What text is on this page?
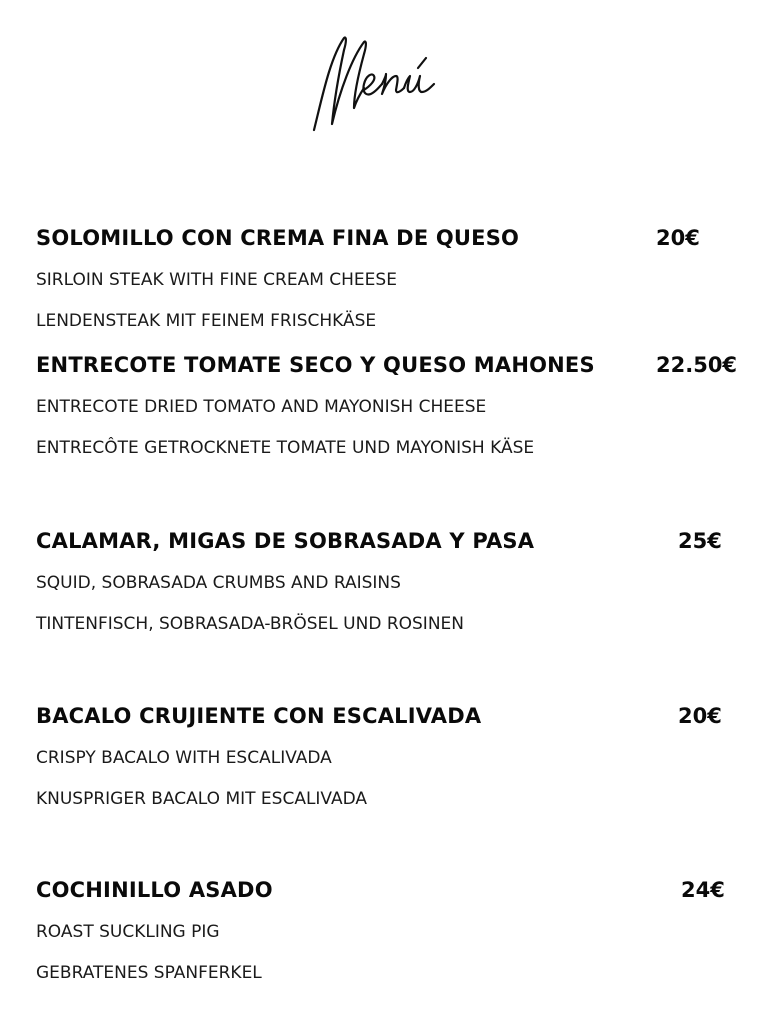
SOLOMILLO CON CREMA FINA DE QUESO	20€
SIRLOIN STEAK WITH FINE CREAM CHEESE
LENDENSTEAK MIT FEINEM FRISCHKÄSE
ENTRECOTE TOMATE SECO Y QUESO MAHONES	22.50€
ENTRECOTE DRIED TOMATO AND MAYONISH CHEESE
ENTRECÔTE GETROCKNETE TOMATE UND MAYONISH KÄSE
CALAMAR, MIGAS DE SOBRASADA Y PASA	25€
SQUID, SOBRASADA CRUMBS AND RAISINS
TINTENFISCH, SOBRASADA-BRÖSEL UND ROSINEN
BACALO CRUJIENTE CON ESCALIVADA	20€
CRISPY BACALO WITH ESCALIVADA
KNUSPRIGER BACALO MIT ESCALIVADA
COCHINILLO ASADO	24€
ROAST SUCKLING PIG
GEBRATENES SPANFERKEL
